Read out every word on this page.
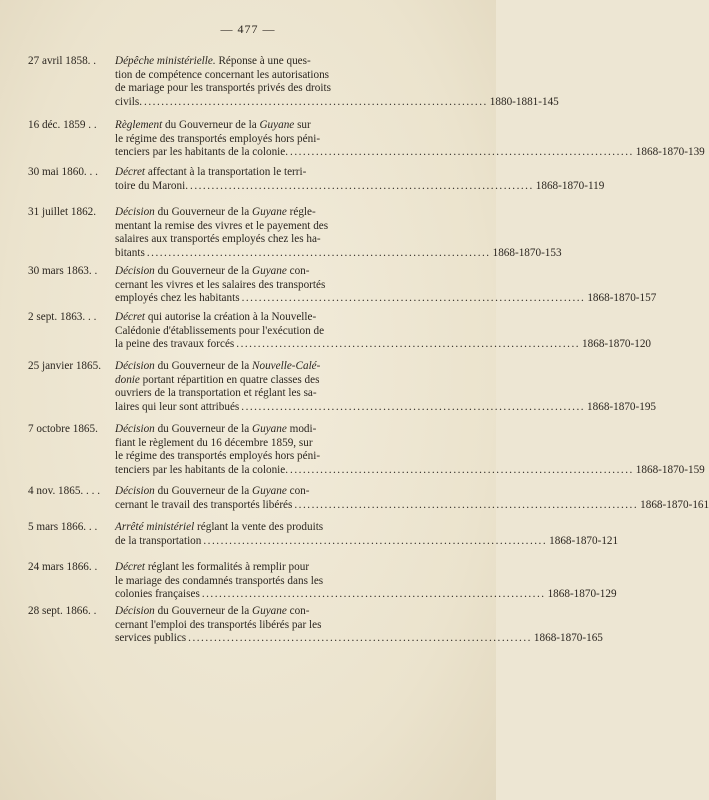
— 477 —
27 avril 1858. .	Dépêche ministérielle. Réponse à une ques-
tion de compétence concernant les autorisations
de mariage pour les transportés privés des droits
civils. ................................................................................ 1880-1881-145
16 déc. 1859 . .	Règlement du Gouverneur de la Guyane sur
le régime des transportés employés hors péni-
tenciers par les habitants de la colonie. ................................................................................ 1868-1870-139
30 mai 1860. . .	Décret affectant à la transportation le terri-
toire du Maroni. ................................................................................ 1868-1870-119
31 juillet 1862.	Décision du Gouverneur de la Guyane régle-
mentant la remise des vivres et le payement des
salaires aux transportés employés chez les ha-
bitants ................................................................................ 1868-1870-153
30 mars 1863. .	Décision du Gouverneur de la Guyane con-
cernant les vivres et les salaires des transportés
employés chez les habitants ................................................................................ 1868-1870-157
2 sept. 1863. . .	Décret qui autorise la création à la Nouvelle-
Calédonie d'établissements pour l'exécution de
la peine des travaux forcés ................................................................................ 1868-1870-120
25 janvier 1865.	Décision du Gouverneur de la Nouvelle-Calé-
donie portant répartition en quatre classes des
ouvriers de la transportation et réglant les sa-
laires qui leur sont attribués ................................................................................ 1868-1870-195
7 octobre 1865.	Décision du Gouverneur de la Guyane modi-
fiant le règlement du 16 décembre 1859, sur
le régime des transportés employés hors péni-
tenciers par les habitants de la colonie. ................................................................................ 1868-1870-159
4 nov. 1865. . . .	Décision du Gouverneur de la Guyane con-
cernant le travail des transportés libérés ................................................................................ 1868-1870-161
5 mars 1866. . .	Arrêté ministériel réglant la vente des produits
de la transportation ................................................................................ 1868-1870-121
24 mars 1866. .	Décret réglant les formalités à remplir pour
le mariage des condamnés transportés dans les
colonies françaises ................................................................................ 1868-1870-129
28 sept. 1866. .	Décision du Gouverneur de la Guyane con-
cernant l'emploi des transportés libérés par les
services publics ................................................................................ 1868-1870-165
